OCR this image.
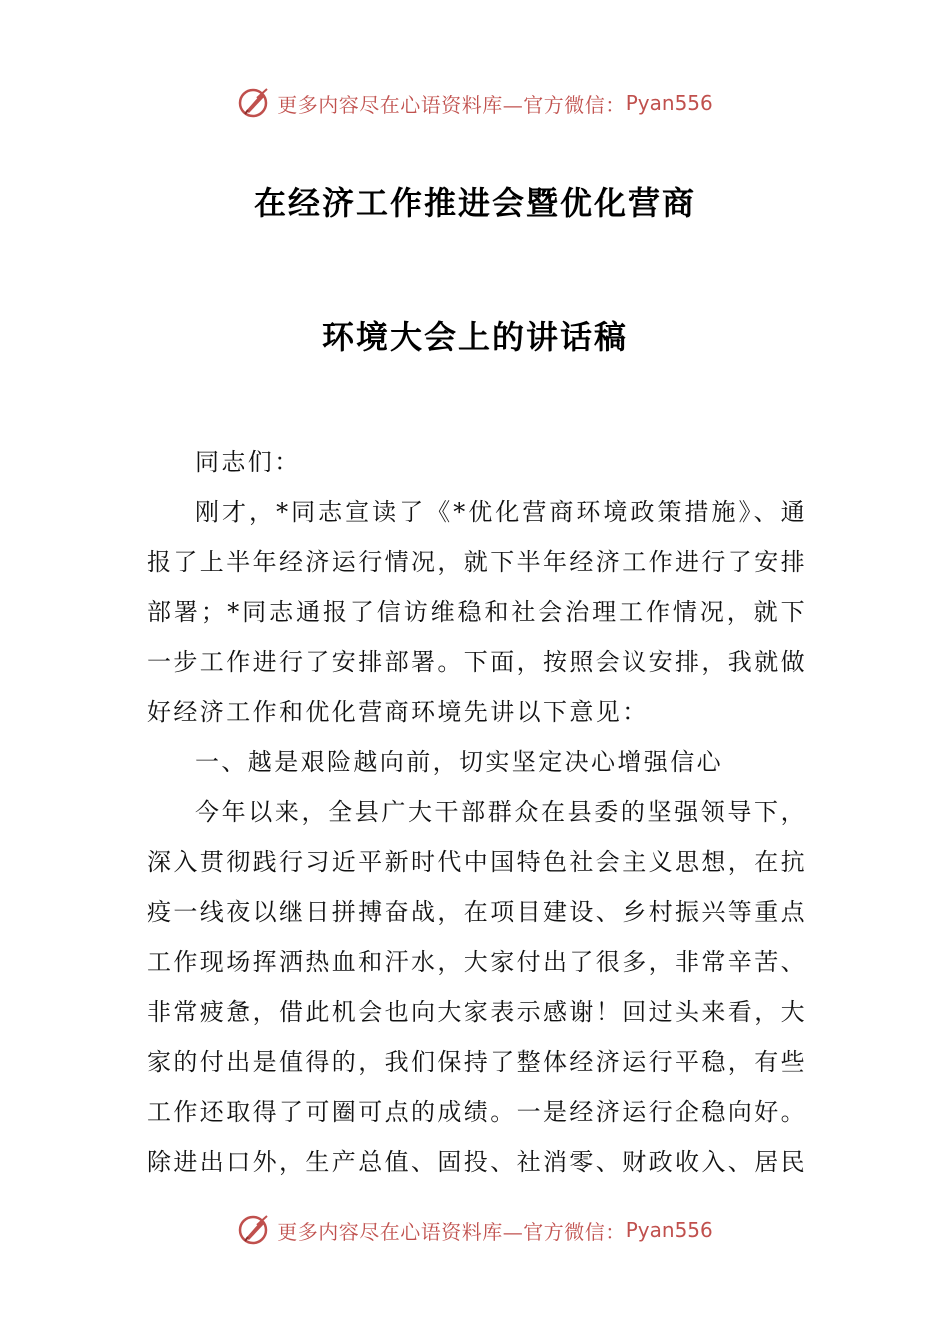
更多内容尽在心语资料库—官方微信： Pyan556
在经济工作推进会暨优化营商
环境大会上的讲话稿

同志们：

刚才，*同志宣读了《*优化营商环境政策措施》、通报了上半年经济运行情况，就下半年经济工作进行了安排部署；*同志通报了信访维稳和社会治理工作情况，就下一步工作进行了安排部署。下面，按照会议安排，我就做好经济工作和优化营商环境先讲以下意见：

一、越是艰险越向前，切实坚定决心增强信心

今年以来，全县广大干部群众在县委的坚强领导下，深入贯彻践行习近平新时代中国特色社会主义思想，在抗疫一线夜以继日拼搏奋战，在项目建设、乡村振兴等重点工作现场挥洒热血和汗水，大家付出了很多，非常辛苦、非常疲惫，借此机会也向大家表示感谢！回过头来看，大家的付出是值得的，我们保持了整体经济运行平稳，有些工作还取得了可圈可点的成绩。一是经济运行企稳向好。除进出口外，生产总值、固投、社消零、财政收入、居民

更多内容尽在心语资料库—官方微信： Pyan556
